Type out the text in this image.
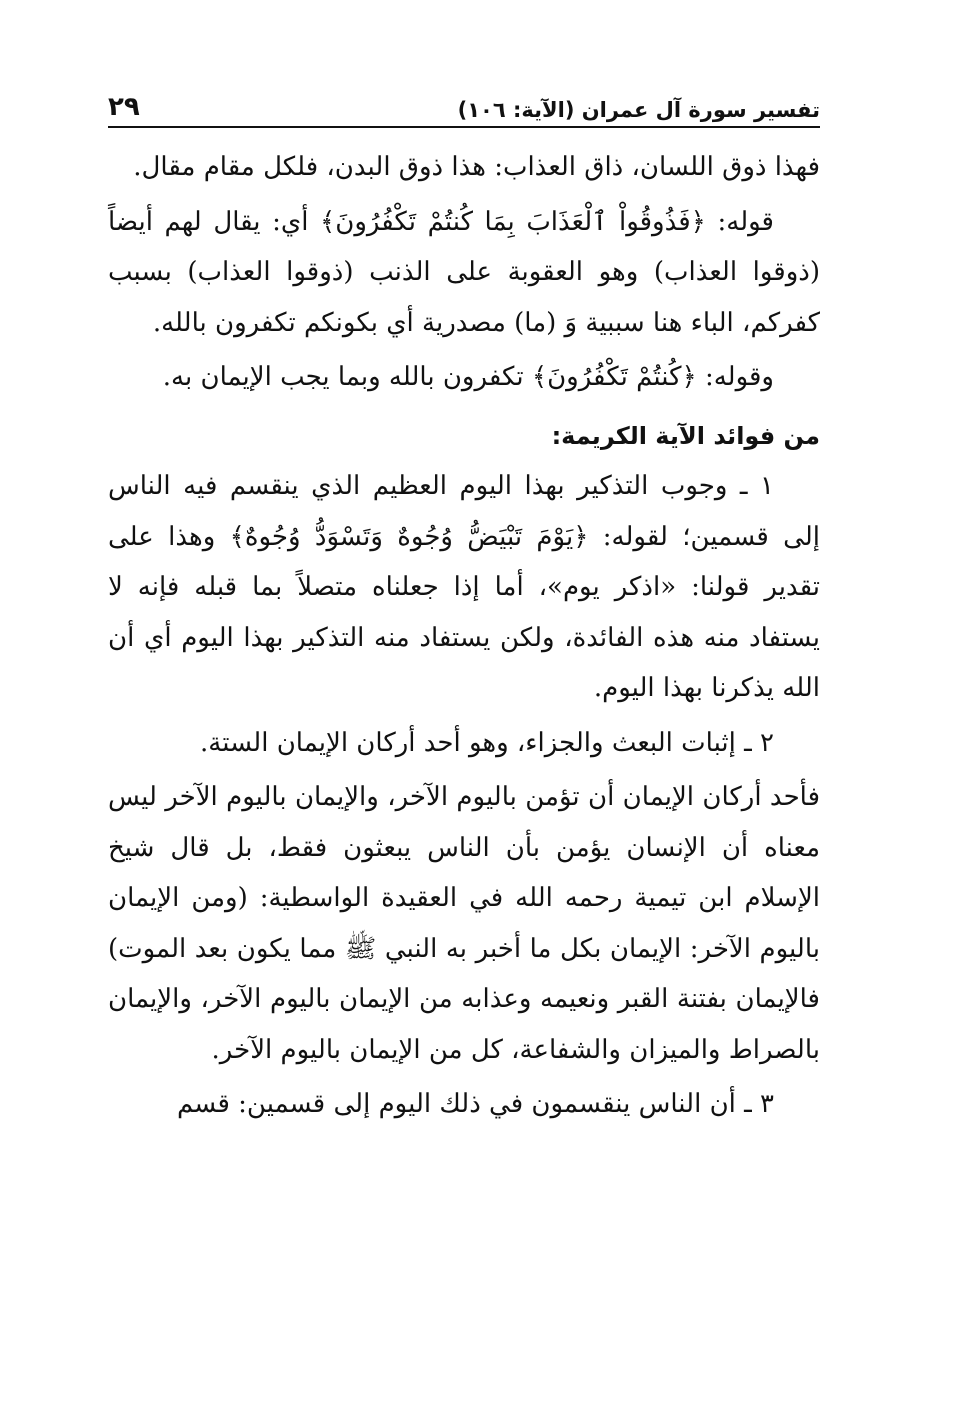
تفسير سورة آل عمران (الآية: ١٠٦)
٢٩

فهذا ذوق اللسان، ذاق العذاب: هذا ذوق البدن، فلكل مقام مقال.

قوله: ﴿فَذُوقُواْ ٱلْعَذَابَ بِمَا كُنتُمْ تَكْفُرُونَ﴾ أي: يقال لهم أيضاً (ذوقوا العذاب) وهو العقوبة على الذنب (ذوقوا العذاب) بسبب كفركم، الباء هنا سببية وَ (ما) مصدرية أي بكونكم تكفرون بالله.

وقوله: ﴿كُنتُمْ تَكْفُرُونَ﴾ تكفرون بالله وبما يجب الإيمان به.

من فوائد الآية الكريمة:

١ ـ وجوب التذكير بهذا اليوم العظيم الذي ينقسم فيه الناس إلى قسمين؛ لقوله: ﴿يَوْمَ تَبْيَضُّ وُجُوهٌ وَتَسْوَدُّ وُجُوهٌ﴾ وهذا على تقدير قولنا: «اذكر يوم»، أما إذا جعلناه متصلاً بما قبله فإنه لا يستفاد منه هذه الفائدة، ولكن يستفاد منه التذكير بهذا اليوم أي أن الله يذكرنا بهذا اليوم.

٢ ـ إثبات البعث والجزاء، وهو أحد أركان الإيمان الستة.

فأحد أركان الإيمان أن تؤمن باليوم الآخر، والإيمان باليوم الآخر ليس معناه أن الإنسان يؤمن بأن الناس يبعثون فقط، بل قال شيخ الإسلام ابن تيمية رحمه الله في العقيدة الواسطية: (ومن الإيمان باليوم الآخر: الإيمان بكل ما أخبر به النبي ﷺ مما يكون بعد الموت) فالإيمان بفتنة القبر ونعيمه وعذابه من الإيمان باليوم الآخر، والإيمان بالصراط والميزان والشفاعة، كل من الإيمان باليوم الآخر.

٣ ـ أن الناس ينقسمون في ذلك اليوم إلى قسمين: قسم
